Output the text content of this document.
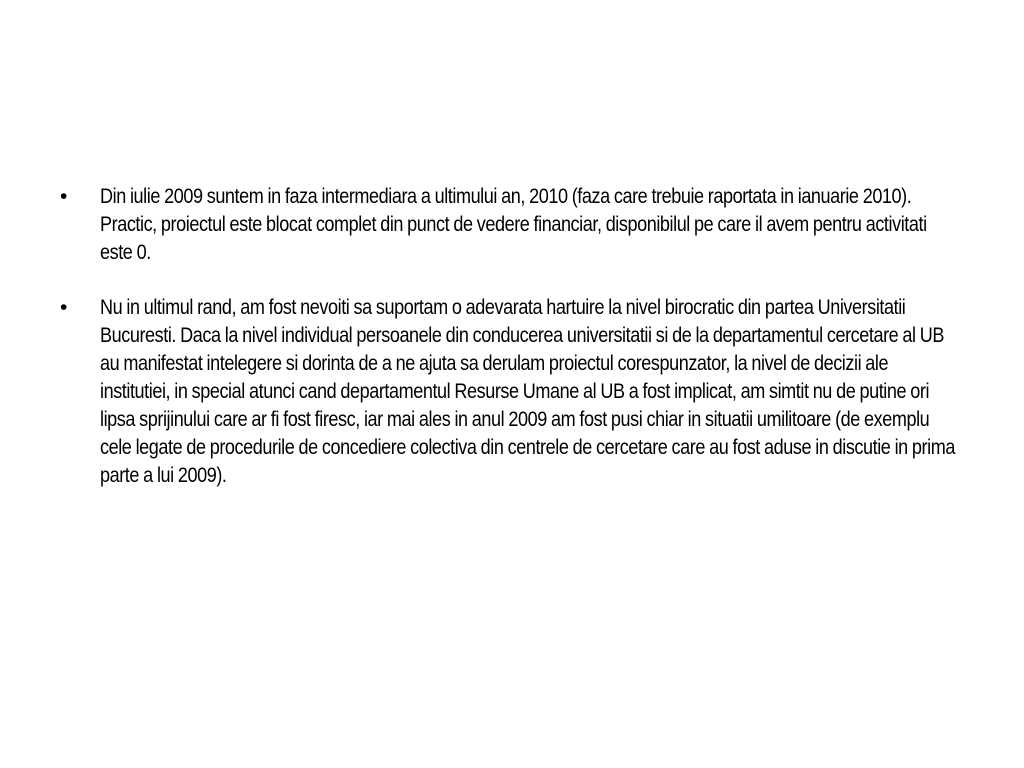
•	Din iulie 2009 suntem in faza intermediara a ultimului an, 2010 (faza care trebuie raportata in ianuarie 2010). Practic, proiectul este blocat complet din punct de vedere financiar, disponibilul pe care il avem pentru activitati este 0.
•	Nu in ultimul rand, am fost nevoiti sa suportam o adevarata hartuire la nivel birocratic din partea Universitatii Bucuresti. Daca la nivel individual persoanele din conducerea universitatii si de la departamentul cercetare al UB au manifestat intelegere si dorinta de a ne ajuta sa derulam proiectul corespunzator, la nivel de decizii ale institutiei, in special atunci cand departamentul Resurse Umane al UB a fost implicat, am simtit nu de putine ori lipsa sprijinului care ar fi fost firesc, iar mai ales in anul 2009 am fost pusi chiar in situatii umilitoare (de exemplu cele legate de procedurile de concediere colectiva din centrele de cercetare care au fost aduse in discutie in prima parte a lui 2009).
